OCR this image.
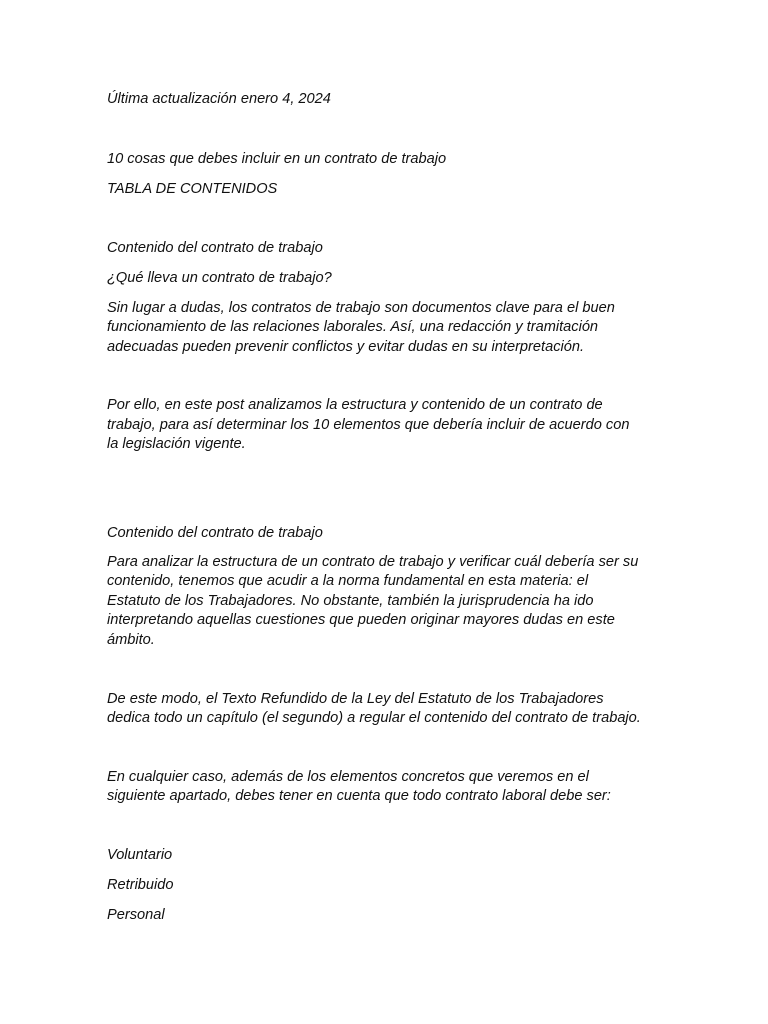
Última actualización enero 4, 2024

10 cosas que debes incluir en un contrato de trabajo

TABLA DE CONTENIDOS

Contenido del contrato de trabajo

¿Qué lleva un contrato de trabajo?

Sin lugar a dudas, los contratos de trabajo son documentos clave para el buen

funcionamiento de las relaciones laborales. Así, una redacción y tramitación

adecuadas pueden prevenir conflictos y evitar dudas en su interpretación.

Por ello, en este post analizamos la estructura y contenido de un contrato de

trabajo, para así determinar los 10 elementos que debería incluir de acuerdo con

la legislación vigente.

Contenido del contrato de trabajo

Para analizar la estructura de un contrato de trabajo y verificar cuál debería ser su

contenido, tenemos que acudir a la norma fundamental en esta materia: el

Estatuto de los Trabajadores. No obstante, también la jurisprudencia ha ido

interpretando aquellas cuestiones que pueden originar mayores dudas en este

ámbito.

De este modo, el Texto Refundido de la Ley del Estatuto de los Trabajadores

dedica todo un capítulo (el segundo) a regular el contenido del contrato de trabajo.

En cualquier caso, además de los elementos concretos que veremos en el

siguiente apartado, debes tener en cuenta que todo contrato laboral debe ser:

Voluntario

Retribuido

Personal
